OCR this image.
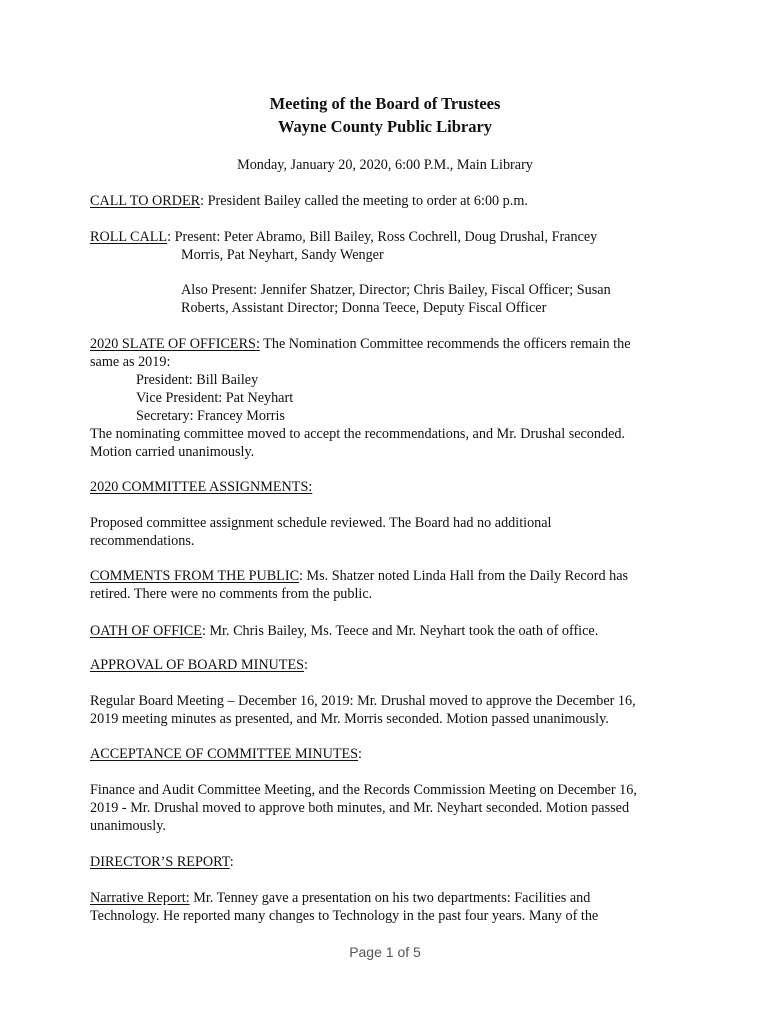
Meeting of the Board of Trustees
Wayne County Public Library
Monday, January 20, 2020, 6:00 P.M., Main Library
CALL TO ORDER: President Bailey called the meeting to order at 6:00 p.m.
ROLL CALL: Present: Peter Abramo, Bill Bailey, Ross Cochrell, Doug Drushal, Francey
Morris, Pat Neyhart, Sandy Wenger
Also Present: Jennifer Shatzer, Director; Chris Bailey, Fiscal Officer; Susan
Roberts, Assistant Director; Donna Teece, Deputy Fiscal Officer
2020 SLATE OF OFFICERS: The Nomination Committee recommends the officers remain the
same as 2019:
President: Bill Bailey
Vice President: Pat Neyhart
Secretary: Francey Morris
The nominating committee moved to accept the recommendations, and Mr. Drushal seconded.
Motion carried unanimously.
2020 COMMITTEE ASSIGNMENTS:
Proposed committee assignment schedule reviewed. The Board had no additional
recommendations.
COMMENTS FROM THE PUBLIC: Ms. Shatzer noted Linda Hall from the Daily Record has
retired. There were no comments from the public.
OATH OF OFFICE: Mr. Chris Bailey, Ms. Teece and Mr. Neyhart took the oath of office.
APPROVAL OF BOARD MINUTES:
Regular Board Meeting – December 16, 2019: Mr. Drushal moved to approve the December 16,
2019 meeting minutes as presented, and Mr. Morris seconded. Motion passed unanimously.
ACCEPTANCE OF COMMITTEE MINUTES:
Finance and Audit Committee Meeting, and the Records Commission Meeting on December 16,
2019 - Mr. Drushal moved to approve both minutes, and Mr. Neyhart seconded. Motion passed
unanimously.
DIRECTOR’S REPORT:
Narrative Report: Mr. Tenney gave a presentation on his two departments: Facilities and
Technology. He reported many changes to Technology in the past four years. Many of the
Page 1 of 5
